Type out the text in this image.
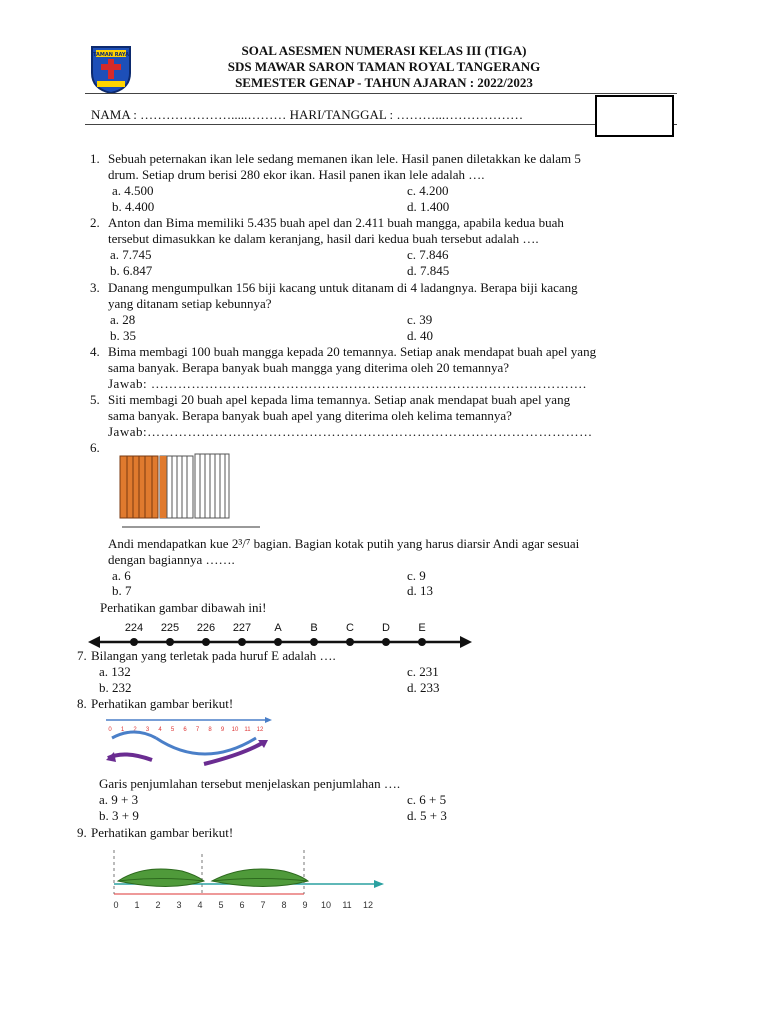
TAMAN RAYA	SOAL ASESMEN NUMERASI KELAS III (TIGA)
SDS MAWAR SARON TAMAN ROYAL TANGERANG
SEMESTER GENAP - TAHUN AJARAN : 2022/2023
NAMA : ………………….....……… HARI/TANGGAL : ………...………………
1. Sebuah peternakan ikan lele sedang memanen ikan lele. Hasil panen diletakkan ke dalam 5
drum. Setiap drum berisi 280 ekor ikan. Hasil panen ikan lele adalah ….
a. 4.500	c. 4.200
b. 4.400	d. 1.400
2. Anton dan Bima memiliki 5.435 buah apel dan 2.411 buah mangga, apabila kedua buah
tersebut dimasukkan ke dalam keranjang, hasil dari kedua buah tersebut adalah ….
a. 7.745	c. 7.846
b. 6.847	d. 7.845
3. Danang mengumpulkan 156 biji kacang untuk ditanam di 4 ladangnya. Berapa biji kacang
yang ditanam setiap kebunnya?
a. 28	c. 39
b. 35	d. 40
4. Bima membagi 100 buah mangga kepada 20 temannya. Setiap anak mendapat buah apel yang
sama banyak. Berapa banyak buah mangga yang diterima oleh 20 temannya?
Jawab: …………………………………………………………………………………….
5. Siti membagi 20 buah apel kepada lima temannya. Setiap anak mendapat buah apel yang
sama banyak. Berapa banyak buah apel yang diterima oleh kelima temannya?
Jawab:………………………………………………………………………………………
6.
Andi mendapatkan kue 2³/⁷ bagian. Bagian kotak putih yang harus diarsir Andi agar sesuai
dengan bagiannya …….
a. 6	c. 9
b. 7	d. 13
Perhatikan gambar dibawah ini!
224 225 226 227 A	B	C	D	E
7. Bilangan yang terletak pada huruf E adalah ….
a. 132	c. 231
b. 232	d. 233
8. Perhatikan gambar berikut!
0 1 2 3 4 5 6 7 8 9 10 11 12
Garis penjumlahan tersebut menjelaskan penjumlahan ….
a. 9 + 3	c. 6 + 5
b. 3 + 9	d. 5 + 3
9. Perhatikan gambar berikut!
0 1 2 3 4 5 6 7 8 9 10 11 12
